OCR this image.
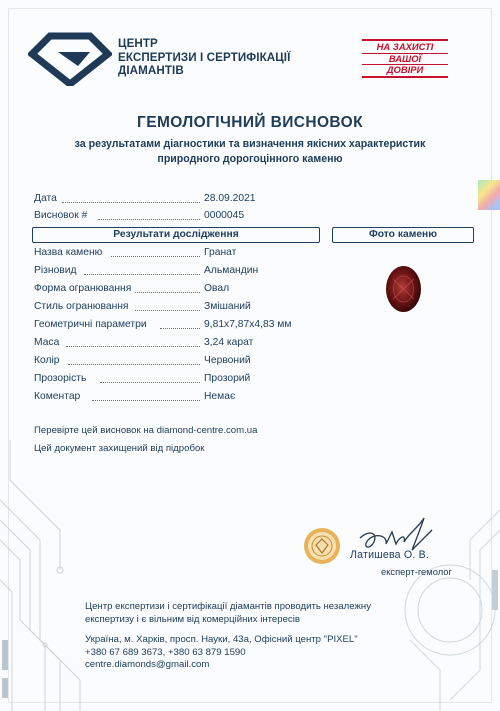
ЦЕНТР
ЕКСПЕРТИЗИ І СЕРТИФІКАЦІЇ
ДІАМАНТІВ
НА ЗАХИСТІ
ВАШОЇ
ДОВІРИ
ГЕМОЛОГІЧНИЙ ВИСНОВОК
за результатами діагностики та визначення якісних характеристик
природного дорогоцінного каменю
Дата	28.09.2021
Висновок #	0000045
Результати дослідження	Фото каменю
Назва каменю	Гранат
Різновид	Альмандин
Форма огранювання	Овал
Стиль огранювання	Змішаний
Геометричні параметри	9,81x7,87x4,83 мм
Маса	3,24 карат
Колір	Червоний
Прозорість	Прозорий
Коментар	Немає
Перевірте цей висновок на diamond-centre.com.ua
Цей документ захищений від підробок
Латишева О. В.
експерт-гемолог
Центр експертизи і сертифікації діамантів проводить незалежну
експертизу і є вільним від комерційних інтересів
Україна, м. Харків, просп. Науки, 43а, Офісний центр "PIXEL"
+380 67 689 3673, +380 63 879 1590
centre.diamonds@gmail.com
